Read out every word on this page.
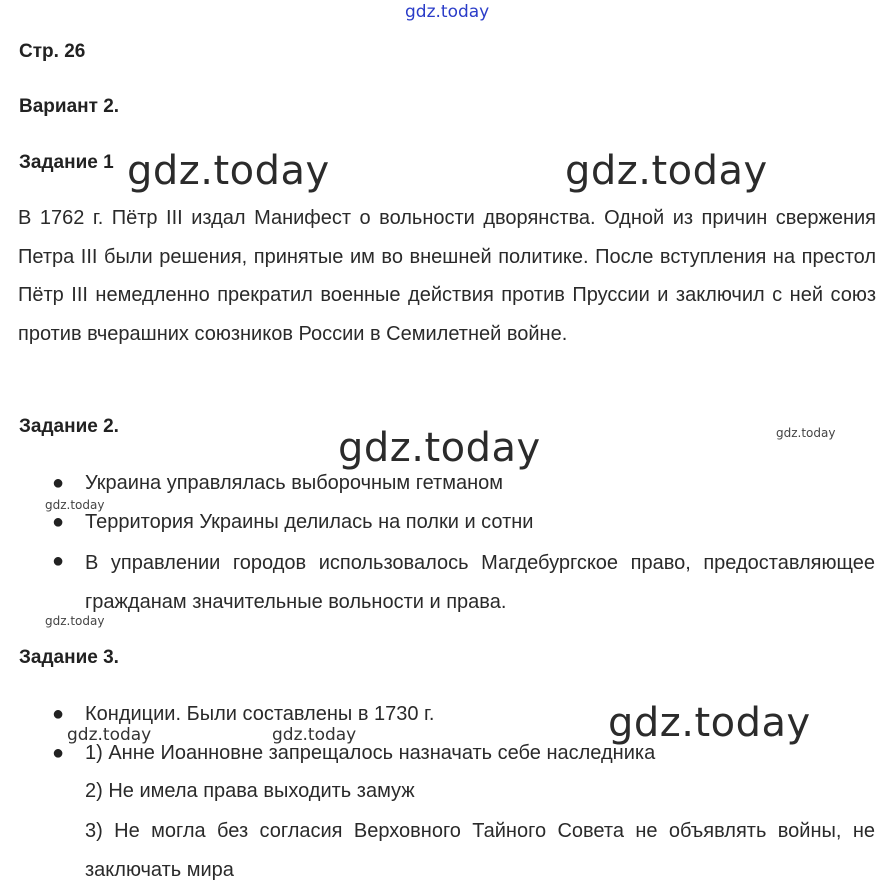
gdz.today
gdz.today	gdz.today
gdz.today
gdz.today
gdz.today
gdz.today
gdz.today
gdz.today	gdz.today
Стр. 26
Вариант 2.
Задание 1
В 1762 г. Пётр III издал Манифест о вольности дворянства. Одной из причин свержения Петра III были решения, принятые им во внешней политике. После вступления на престол Пётр III немедленно прекратил военные действия против Пруссии и заключил с ней союз против вчерашних союзников России в Семилетней войне.
Задание 2.
● Украина управлялась выборочным гетманом
● Территория Украины делилась на полки и сотни
● В управлении городов использовалось Магдебургское право, предоставляющее гражданам значительные вольности и права.
Задание 3.
● Кондиции. Были составлены в 1730 г.
● 1) Анне Иоанновне запрещалось назначать себе наследника
2) Не имела права выходить замуж
3) Не могла без согласия Верховного Тайного Совета не объявлять войны, не заключать мира
